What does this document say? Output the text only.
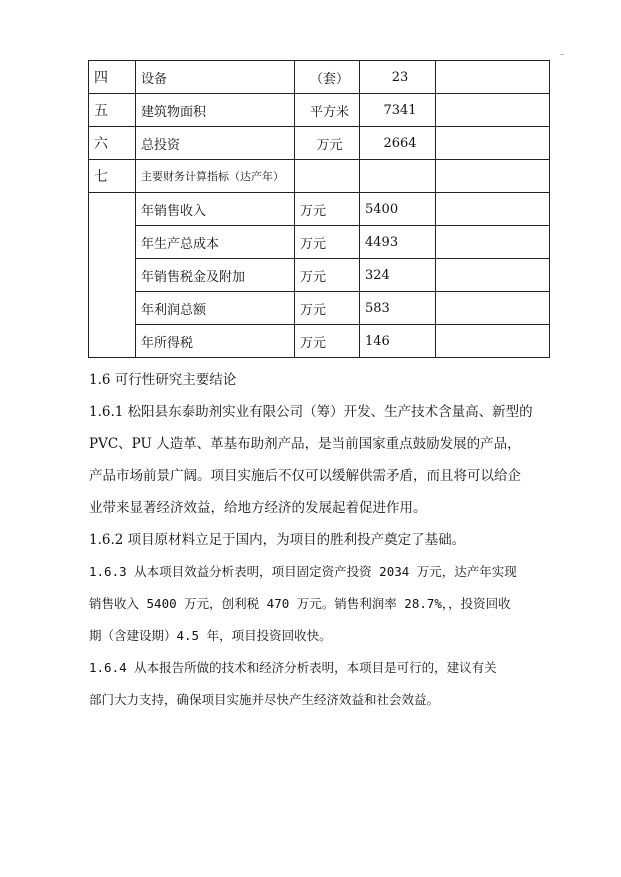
四	设备	（套）	23	
五	建筑物面积	平方米	7341	
六	总投资	万元	2664	
七	主要财务计算指标（达产年）			
	年销售收入	万元	5400	
	年生产总成本	万元	4493	
	年销售税金及附加	万元	324	
	年利润总额	万元	583	
	年所得税	万元	146	

1.6 可行性研究主要结论

1.6.1 松阳县东泰助剂实业有限公司（筹）开发、生产技术含量高、新型的

PVC、PU 人造革、革基布助剂产品，是当前国家重点鼓励发展的产品，

产品市场前景广阔。项目实施后不仅可以缓解供需矛盾，而且将可以给企

业带来显著经济效益，给地方经济的发展起着促进作用。

1.6.2 项目原材料立足于国内，为项目的胜利投产奠定了基础。

1.6.3 从本项目效益分析表明，项目固定资产投资 2034 万元，达产年实现

销售收入 5400 万元，创利税 470 万元。销售利润率 28.7%，，投资回收

期（含建设期）4.5 年，项目投资回收快。

1.6.4 从本报告所做的技术和经济分析表明，本项目是可行的，建议有关

部门大力支持，确保项目实施并尽快产生经济效益和社会效益。
